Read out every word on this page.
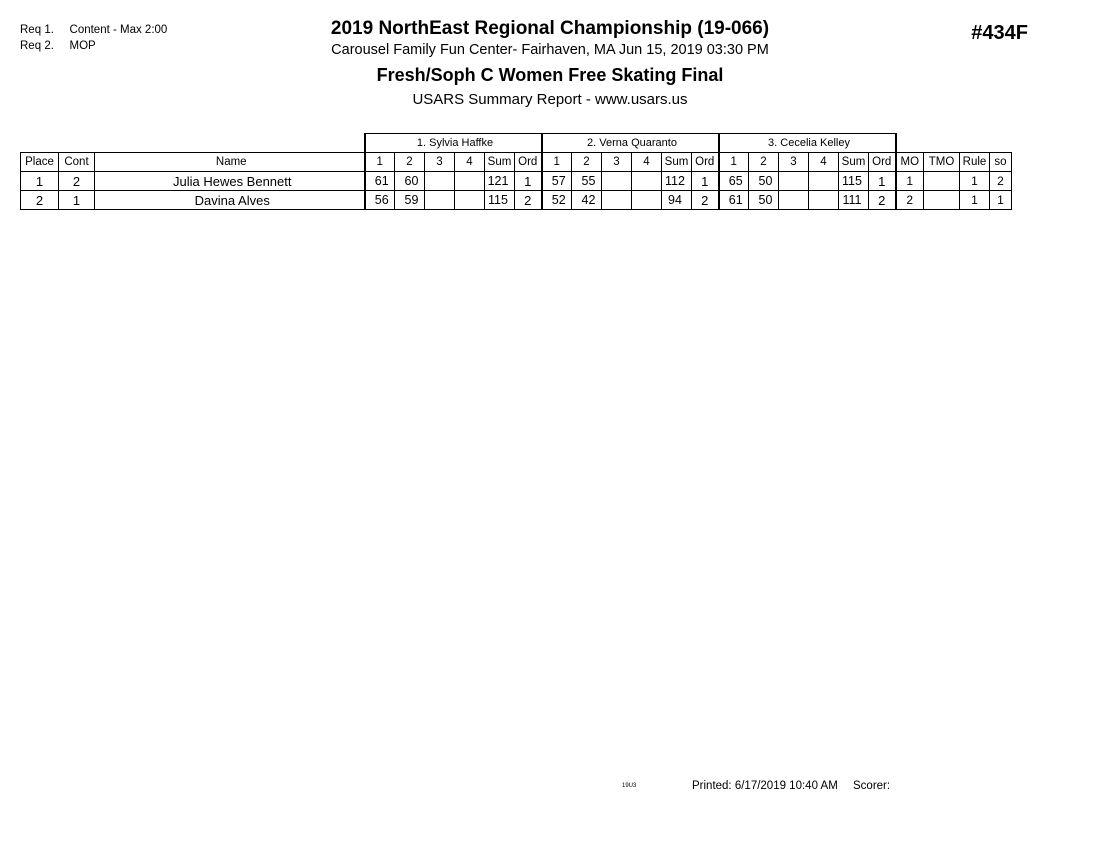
Req 1. Content - Max 2:00
Req 2. MOP
2019 NorthEast Regional Championship (19-066)
Carousel Family Fun Center- Fairhaven, MA Jun 15, 2019 03:30 PM
Fresh/Soph C Women Free Skating Final
USARS Summary Report - www.usars.us
#434F
			1. Sylvia Haffke						2. Verna Quaranto						3. Cecelia Kelley									
Place	Cont	Name	1	2	3	4	Sum	Ord	1	2	3	4	Sum	Ord	1	2	3	4	Sum	Ord	MO	TMO	Rule	so
1	2	Julia Hewes Bennett	61	60			121	1	57	55			112	1	65	50			115	1	1		1	2
2	1	Davina Alves	56	59			115	2	52	42			94	2	61	50			111	2	2		1	1
19U3	Printed: 6/17/2019 10:40 AM Scorer:
